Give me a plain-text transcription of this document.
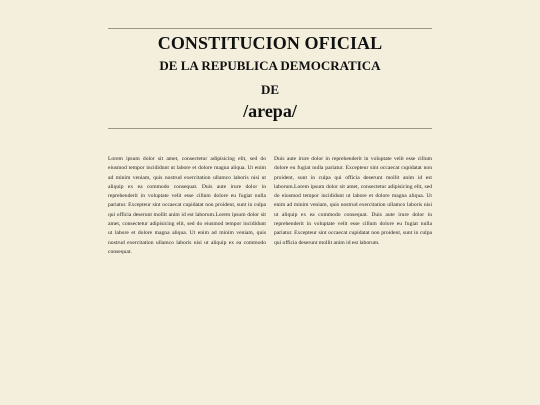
CONSTITUCION OFICIAL
DE LA REPUBLICA DEMOCRATICA
DE
/arepa/
Lorem ipsum dolor sit amet, consectetur adipisicing elit, sed do eiusmod tempor incididunt ut labore et dolore magna aliqua. Ut enim ad minim veniam, quis nostrud exercitation ullamco laboris nisi ut aliquip ex ea commodo consequat. Duis aute irure dolor in reprehenderit in voluptate velit esse cillum dolore eu fugiat nulla pariatur. Excepteur sint occaecat cupidatat non proident, sunt in culpa qui officia deserunt mollit anim id est laborum.Lorem ipsum dolor sit amet, consectetur adipisicing elit, sed do eiusmod tempor incididunt ut labore et dolore magna aliqua. Ut enim ad minim veniam, quis nostrud exercitation ullamco laboris nisi ut aliquip ex ea commodo consequat.
Duis aute irure dolor in reprehenderit in voluptate velit esse cillum dolore eu fugiat nulla pariatur. Excepteur sint occaecat cupidatat non proident, sunt in culpa qui officia deserunt mollit anim id est laborum.Lorem ipsum dolor sit amet, consectetur adipisicing elit, sed do eiusmod tempor incididunt ut labore et dolore magna aliqua. Ut enim ad minim veniam, quis nostrud exercitation ullamco laboris nisi ut aliquip ex ea commodo consequat. Duis aute irure dolor in reprehenderit in voluptate velit esse cillum dolore eu fugiat nulla pariatur. Excepteur sint occaecat cupidatat non proident, sunt in culpa qui officia deserunt mollit anim id est laborum.
